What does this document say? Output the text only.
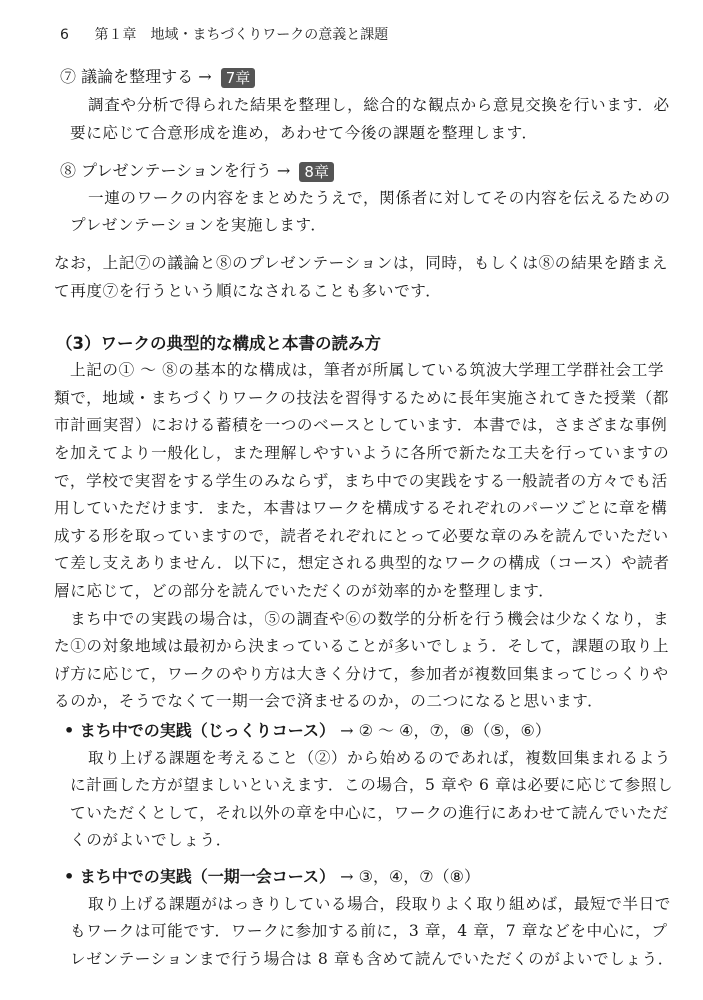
6 第１章　地域・まちづくりワークの意義と課題
⑦ 議論を整理する → 7章
調査や分析で得られた結果を整理し，総合的な観点から意見交換を行います．必
要に応じて合意形成を進め，あわせて今後の課題を整理します．
⑧ プレゼンテーションを行う → 8章
一連のワークの内容をまとめたうえで，関係者に対してその内容を伝えるための
プレゼンテーションを実施します．
なお，上記⑦の議論と⑧のプレゼンテーションは，同時，もしくは⑧の結果を踏まえ
て再度⑦を行うという順になされることも多いです．
（3）ワークの典型的な構成と本書の読み方
上記の① ～ ⑧の基本的な構成は，筆者が所属している筑波大学理工学群社会工学
類で，地域・まちづくりワークの技法を習得するために長年実施されてきた授業（都
市計画実習）における蓄積を一つのベースとしています．本書では，さまざまな事例
を加えてより一般化し，また理解しやすいように各所で新たな工夫を行っていますの
で，学校で実習をする学生のみならず，まち中での実践をする一般読者の方々でも活
用していただけます．また，本書はワークを構成するそれぞれのパーツごとに章を構
成する形を取っていますので，読者それぞれにとって必要な章のみを読んでいただい
て差し支えありません．以下に，想定される典型的なワークの構成（コース）や読者
層に応じて，どの部分を読んでいただくのが効率的かを整理します．
まち中での実践の場合は，⑤の調査や⑥の数学的分析を行う機会は少なくなり，ま
た①の対象地域は最初から決まっていることが多いでしょう．そして，課題の取り上
げ方に応じて，ワークのやり方は大きく分けて，参加者が複数回集まってじっくりや
るのか，そうでなくて一期一会で済ませるのか，の二つになると思います．
• まち中での実践（じっくりコース） → ② ～ ④，⑦，⑧（⑤，⑥）
取り上げる課題を考えること（②）から始めるのであれば，複数回集まれるよう
に計画した方が望ましいといえます．この場合，5 章や 6 章は必要に応じて参照し
ていただくとして，それ以外の章を中心に，ワークの進行にあわせて読んでいただ
くのがよいでしょう．
• まち中での実践（一期一会コース） → ③，④，⑦（⑧）
取り上げる課題がはっきりしている場合，段取りよく取り組めば，最短で半日で
もワークは可能です．ワークに参加する前に，3 章，4 章，7 章などを中心に，プ
レゼンテーションまで行う場合は 8 章も含めて読んでいただくのがよいでしょう．
